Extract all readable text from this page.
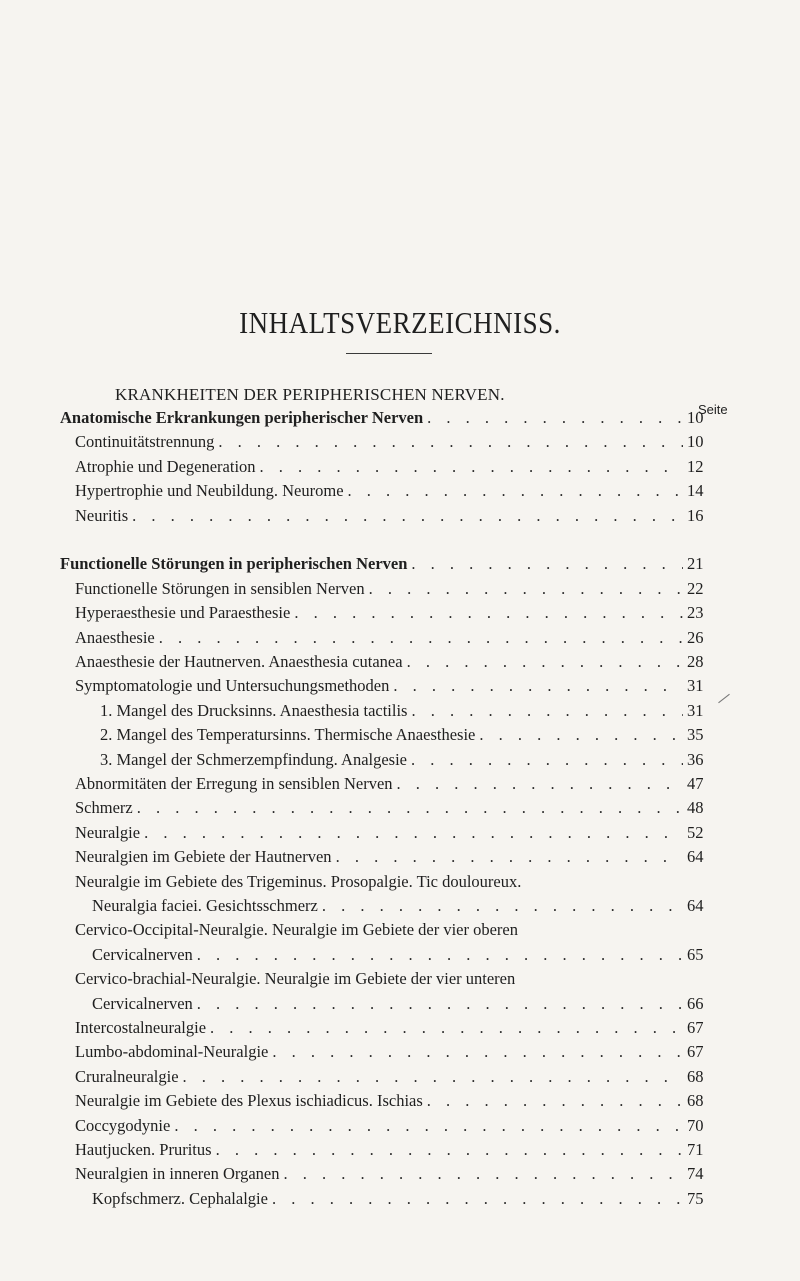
INHALTSVERZEICHNISS.
KRANKHEITEN DER PERIPHERISCHEN NERVEN.
Seite
Anatomische Erkrankungen peripherischer Nerven . . .	10
Continuitätstrennung . . .	10
Atrophie und Degeneration . . .	12
Hypertrophie und Neubildung. Neurome . . .	14
Neuritis . . .	16
Functionelle Störungen in peripherischen Nerven . . .	21
Functionelle Störungen in sensiblen Nerven . . .	22
Hyperaesthesie und Paraesthesie . . .	23
Anaesthesie . . .	26
Anaesthesie der Hautnerven. Anaesthesia cutanea . . .	28
Symptomatologie und Untersuchungsmethoden . . .	31
1. Mangel des Drucksinns. Anaesthesia tactilis . . .	31
2. Mangel des Temperatursinns. Thermische Anaesthesie . . .	35
3. Mangel der Schmerzempfindung. Analgesie . . .	36
Abnormitäten der Erregung in sensiblen Nerven . . .	47
Schmerz . . .	48
Neuralgie . . .	52
Neuralgien im Gebiete der Hautnerven . . .	64
Neuralgie im Gebiete des Trigeminus. Prosopalgie. Tic douloureux.
Neuralgia faciei. Gesichtsschmerz . . .	64
Cervico-Occipital-Neuralgie. Neuralgie im Gebiete der vier oberen
Cervicalnerven . . .	65
Cervico-brachial-Neuralgie. Neuralgie im Gebiete der vier unteren
Cervicalnerven . . .	66
Intercostalneuralgie . . .	67
Lumbo-abdominal-Neuralgie . . .	67
Cruralneuralgie . . .	68
Neuralgie im Gebiete des Plexus ischiadicus. Ischias . . .	68
Coccygodynie . . .	70
Hautjucken. Pruritus . . .	71
Neuralgien in inneren Organen . . .	74
Kopfschmerz. Cephalalgie . . .	75
